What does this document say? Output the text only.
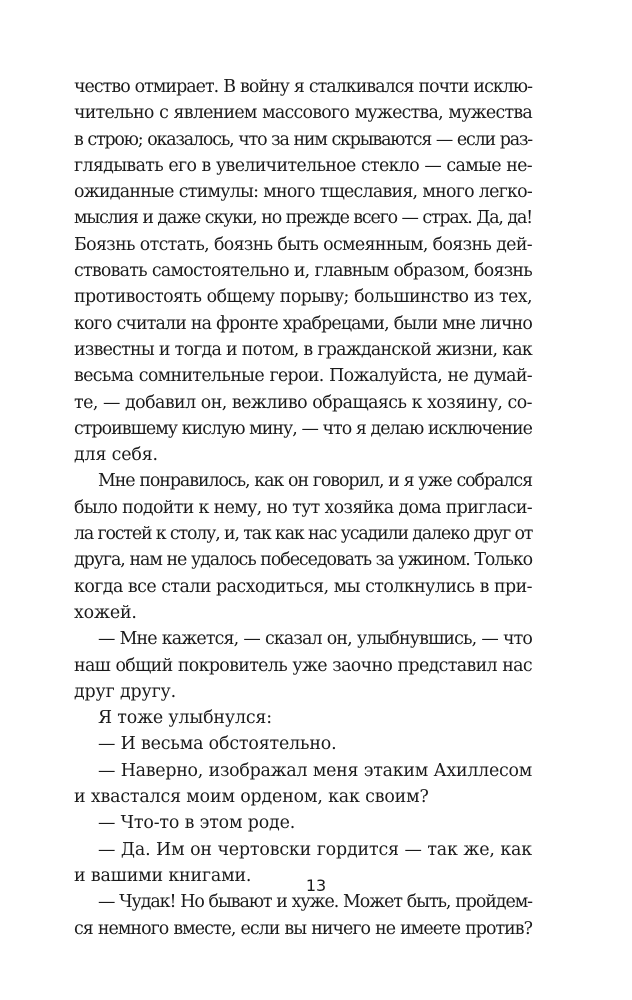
чество отмирает. В войну я сталкивался почти исклю-
чительно с явлением массового мужества, мужества
в строю; оказалось, что за ним скрываются — если раз-
глядывать его в увеличительное стекло — самые не-
ожиданные стимулы: много тщеславия, много легко-
мыслия и даже скуки, но прежде всего — страх. Да, да!
Боязнь отстать, боязнь быть осмеянным, боязнь дей-
ствовать самостоятельно и, главным образом, боязнь
противостоять общему порыву; большинство из тех,
кого считали на фронте храбрецами, были мне лично
известны и тогда и потом, в гражданской жизни, как
весьма сомнительные герои. Пожалуйста, не думай-
те, — добавил он, вежливо обращаясь к хозяину, со-
строившему кислую мину, — что я делаю исключение
для себя.
Мне понравилось, как он говорил, и я уже собрался
было подойти к нему, но тут хозяйка дома пригласи-
ла гостей к столу, и, так как нас усадили далеко друг от
друга, нам не удалось побеседовать за ужином. Только
когда все стали расходиться, мы столкнулись в при-
хожей.
— Мне кажется, — сказал он, улыбнувшись, — что
наш общий покровитель уже заочно представил нас
друг другу.
Я тоже улыбнулся:
— И весьма обстоятельно.
— Наверно, изображал меня этаким Ахиллесом
и хвастался моим орденом, как своим?
— Что-то в этом роде.
— Да. Им он чертовски гордится — так же, как
и вашими книгами.
— Чудак! Но бывают и хуже. Может быть, пройдем-
ся немного вместе, если вы ничего не имеете против?
13
